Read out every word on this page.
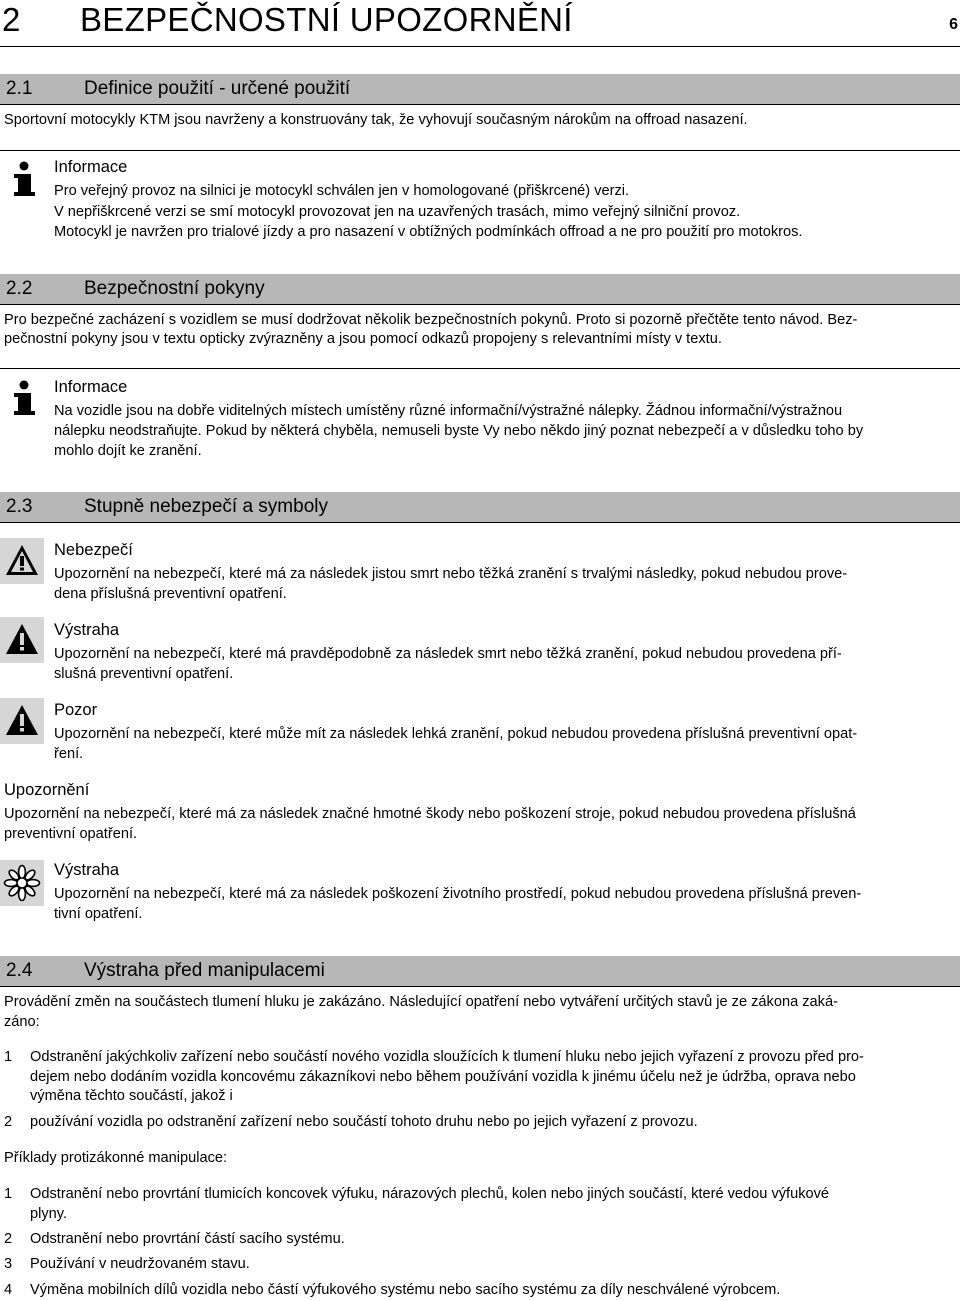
2 BEZPEČNOSTNÍ UPOZORNĚNÍ	6
2.1	Definice použití - určené použití
Sportovní motocykly KTM jsou navrženy a konstruovány tak, že vyhovují současným nárokům na offroad nasazení.
Informace
Pro veřejný provoz na silnici je motocykl schválen jen v homologované (přiškrcené) verzi.
V nepřiškrcené verzi se smí motocykl provozovat jen na uzavřených trasách, mimo veřejný silniční provoz.
Motocykl je navržen pro trialové jízdy a pro nasazení v obtížných podmínkách offroad a ne pro použití pro motokros.
2.2	Bezpečnostní pokyny
Pro bezpečné zacházení s vozidlem se musí dodržovat několik bezpečnostních pokynů. Proto si pozorně přečtěte tento návod. Bez-
pečnostní pokyny jsou v textu opticky zvýrazněny a jsou pomocí odkazů propojeny s relevantními místy v textu.
Informace
Na vozidle jsou na dobře viditelných místech umístěny různé informační/výstražné nálepky. Žádnou informační/výstražnou
nálepku neodstraňujte. Pokud by některá chyběla, nemuseli byste Vy nebo někdo jiný poznat nebezpečí a v důsledku toho by
mohlo dojít ke zranění.
2.3	Stupně nebezpečí a symboly
Nebezpečí
Upozornění na nebezpečí, které má za následek jistou smrt nebo těžká zranění s trvalými následky, pokud nebudou prove-
dena příslušná preventivní opatření.
Výstraha
Upozornění na nebezpečí, které má pravděpodobně za následek smrt nebo těžká zranění, pokud nebudou provedena pří-
slušná preventivní opatření.
Pozor
Upozornění na nebezpečí, které může mít za následek lehká zranění, pokud nebudou provedena příslušná preventivní opat-
ření.
Upozornění
Upozornění na nebezpečí, které má za následek značné hmotné škody nebo poškození stroje, pokud nebudou provedena příslušná
preventivní opatření.
Výstraha
Upozornění na nebezpečí, které má za následek poškození životního prostředí, pokud nebudou provedena příslušná preven-
tivní opatření.
2.4	Výstraha před manipulacemi
Provádění změn na součástech tlumení hluku je zakázáno. Následující opatření nebo vytváření určitých stavů je ze zákona zaká-
záno:
1	Odstranění jakýchkoliv zařízení nebo součástí nového vozidla sloužících k tlumení hluku nebo jejich vyřazení z provozu před pro-
dejem nebo dodáním vozidla koncovému zákazníkovi nebo během používání vozidla k jinému účelu než je údržba, oprava nebo
výměna těchto součástí, jakož i
2	používání vozidla po odstranění zařízení nebo součástí tohoto druhu nebo po jejich vyřazení z provozu.
Příklady protizákonné manipulace:
1	Odstranění nebo provrtání tlumicích koncovek výfuku, nárazových plechů, kolen nebo jiných součástí, které vedou výfukové
plyny.
2	Odstranění nebo provrtání částí sacího systému.
3	Používání v neudržovaném stavu.
4	Výměna mobilních dílů vozidla nebo částí výfukového systému nebo sacího systému za díly neschválené výrobcem.
